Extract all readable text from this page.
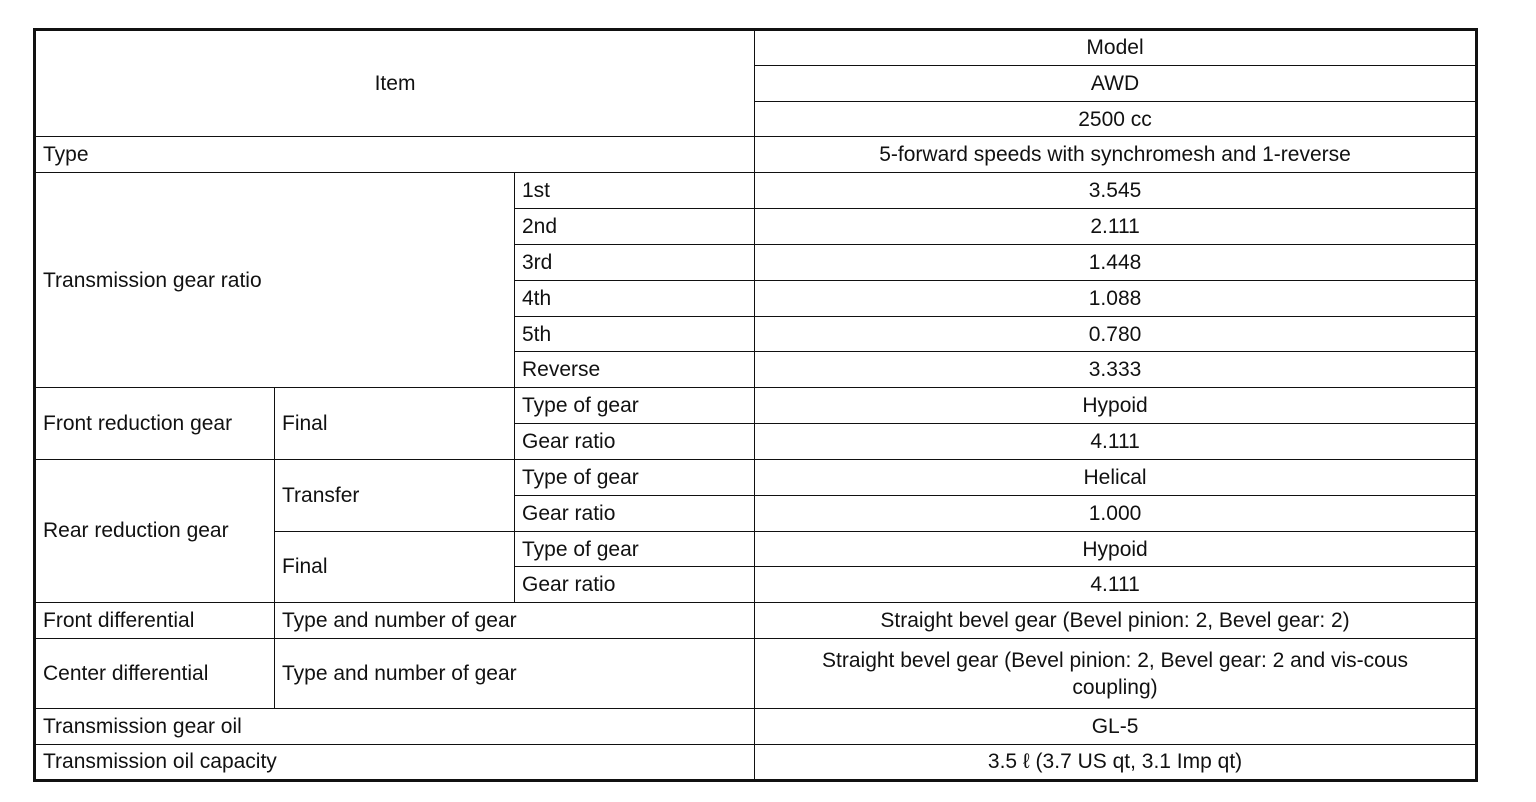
Item			Model
			AWD
			2500 cc
Type			5-forward speeds with synchromesh and 1-reverse
Transmission gear ratio		1st	3.545
		2nd	2.111
		3rd	1.448
		4th	1.088
		5th	0.780
		Reverse	3.333
Front reduction gear	Final	Type of gear	Hypoid
		Gear ratio	4.111
Rear reduction gear	Transfer	Type of gear	Helical
		Gear ratio	1.000
	Final	Type of gear	Hypoid
		Gear ratio	4.111
Front differential	Type and number of gear		Straight bevel gear (Bevel pinion: 2, Bevel gear: 2)
Center differential	Type and number of gear		Straight bevel gear (Bevel pinion: 2, Bevel gear: 2 and vis-cous coupling)
Transmission gear oil			GL-5
Transmission oil capacity			3.5 ℓ (3.7 US qt, 3.1 Imp qt)
